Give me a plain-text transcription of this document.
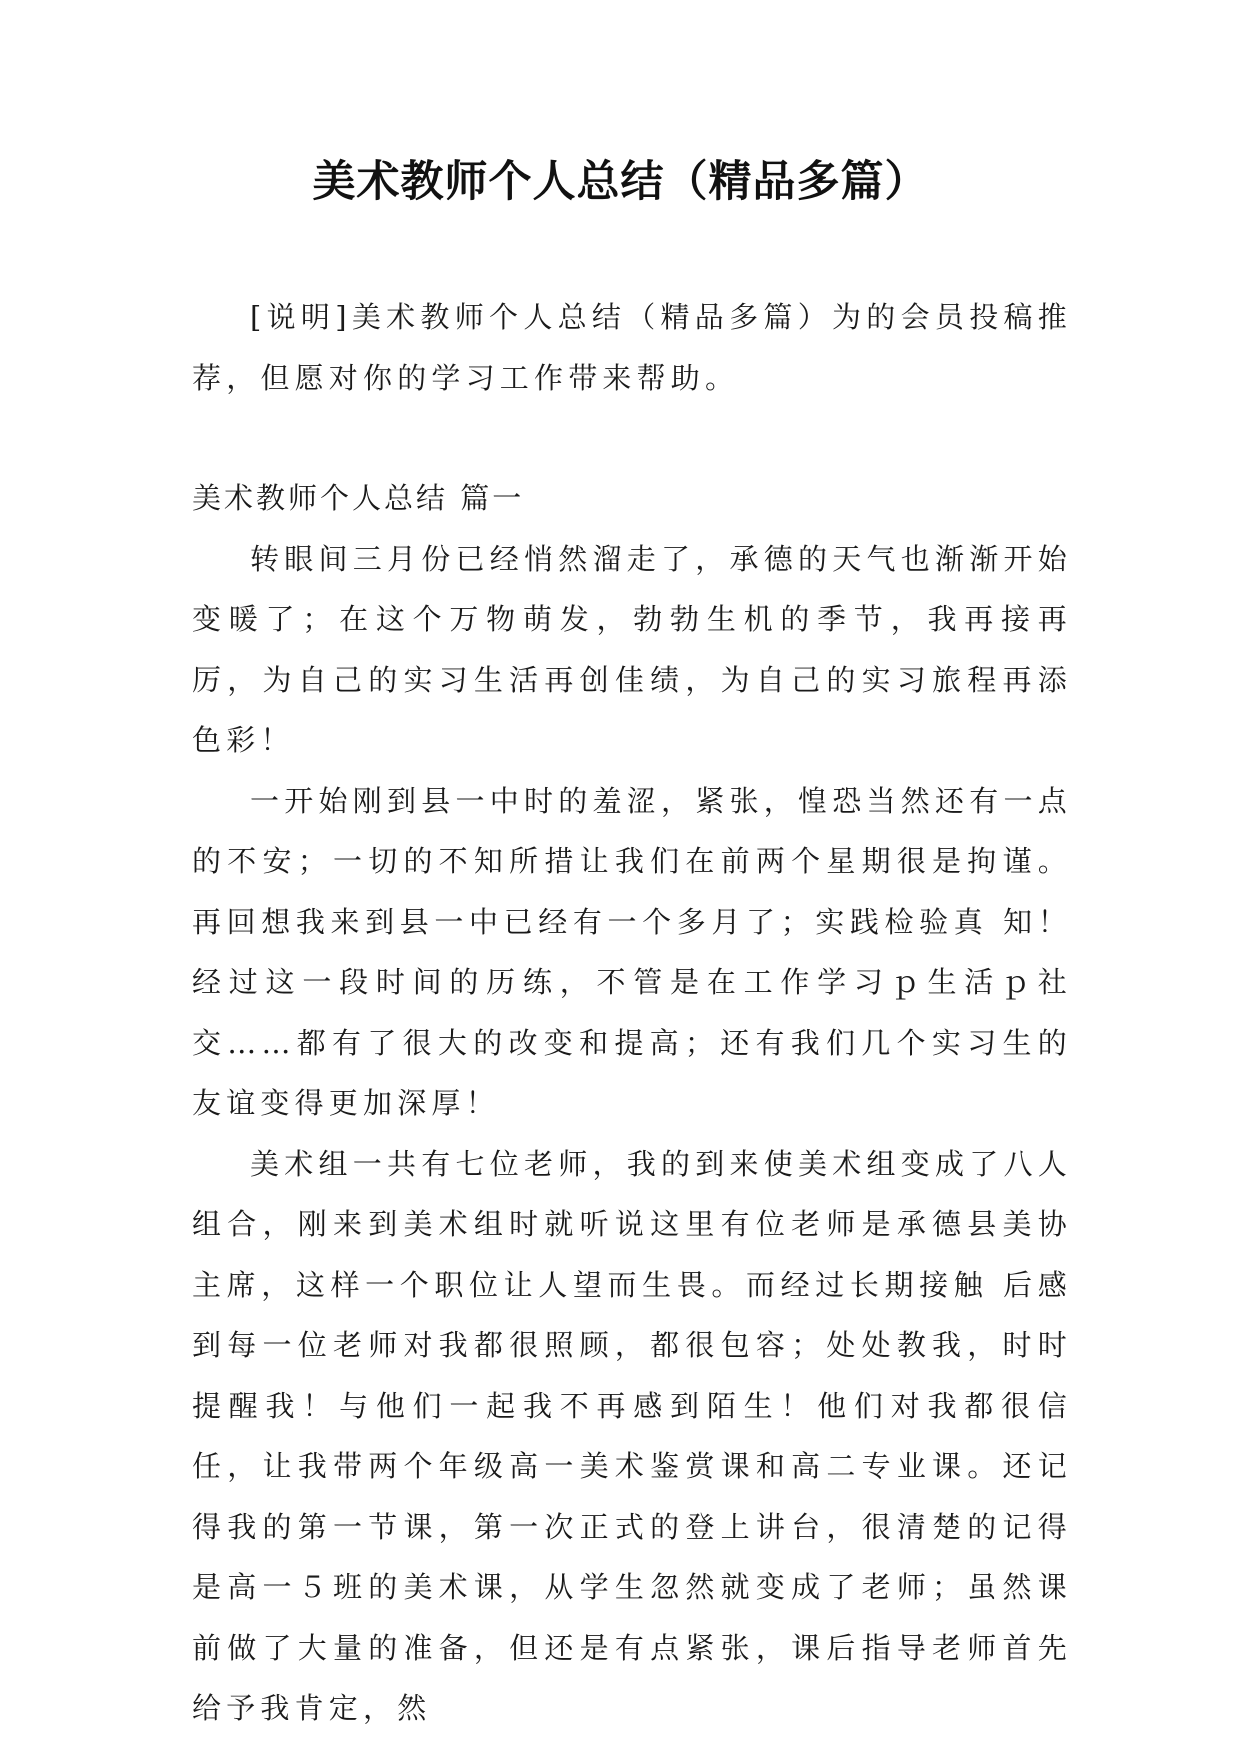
美术教师个人总结（精品多篇）

[说明]美术教师个人总结（精品多篇）为的会员投稿推荐，但愿对你的学习工作带来帮助。

美术教师个人总结 篇一

转眼间三月份已经悄然溜走了，承德的天气也渐渐开始变暖了；在这个万物萌发，勃勃生机的季节，我再接再厉，为自己的实习生活再创佳绩，为自己的实习旅程再添色彩！

一开始刚到县一中时的羞涩，紧张，惶恐当然还有一点的不安；一切的不知所措让我们在前两个星期很是拘谨。再回想我来到县一中已经有一个多月了；实践检验真 知！经过这一段时间的历练，不管是在工作学习ｐ生活ｐ社交……都有了很大的改变和提高；还有我们几个实习生的友谊变得更加深厚！

美术组一共有七位老师，我的到来使美术组变成了八人组合，刚来到美术组时就听说这里有位老师是承德县美协主席，这样一个职位让人望而生畏。而经过长期接触 后感到每一位老师对我都很照顾，都很包容；处处教我，时时提醒我！与他们一起我不再感到陌生！他们对我都很信任，让我带两个年级高一美术鉴赏课和高二专业课。还记得我的第一节课，第一次正式的登上讲台，很清楚的记得是高一５班的美术课，从学生忽然就变成了老师；虽然课前做了大量的准备，但还是有点紧张，课后指导老师首先给予我肯定，然
